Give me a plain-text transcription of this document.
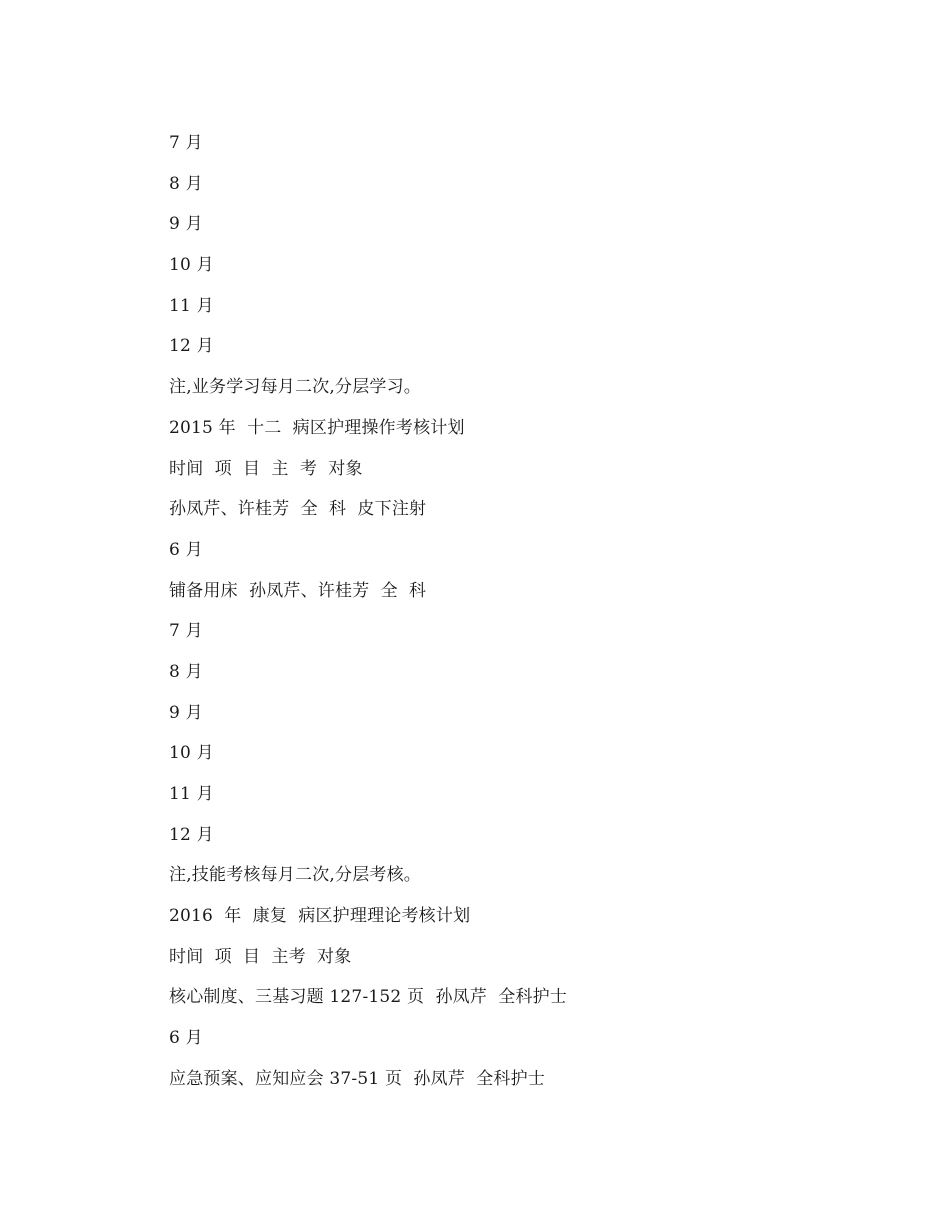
7 月
8 月
9 月
10 月
11 月
12 月
注,业务学习每月二次,分层学习。
2015 年  十二  病区护理操作考核计划
时间  项  目  主  考  对象
孙凤芹、许桂芳  全  科  皮下注射
6 月
铺备用床  孙凤芹、许桂芳  全  科
7 月
8 月
9 月
10 月
11 月
12 月
注,技能考核每月二次,分层考核。
2016  年  康复  病区护理理论考核计划
时间  项  目  主考  对象
核心制度、三基习题 127-152 页  孙凤芹  全科护士
6 月
应急预案、应知应会 37-51 页  孙凤芹  全科护士
